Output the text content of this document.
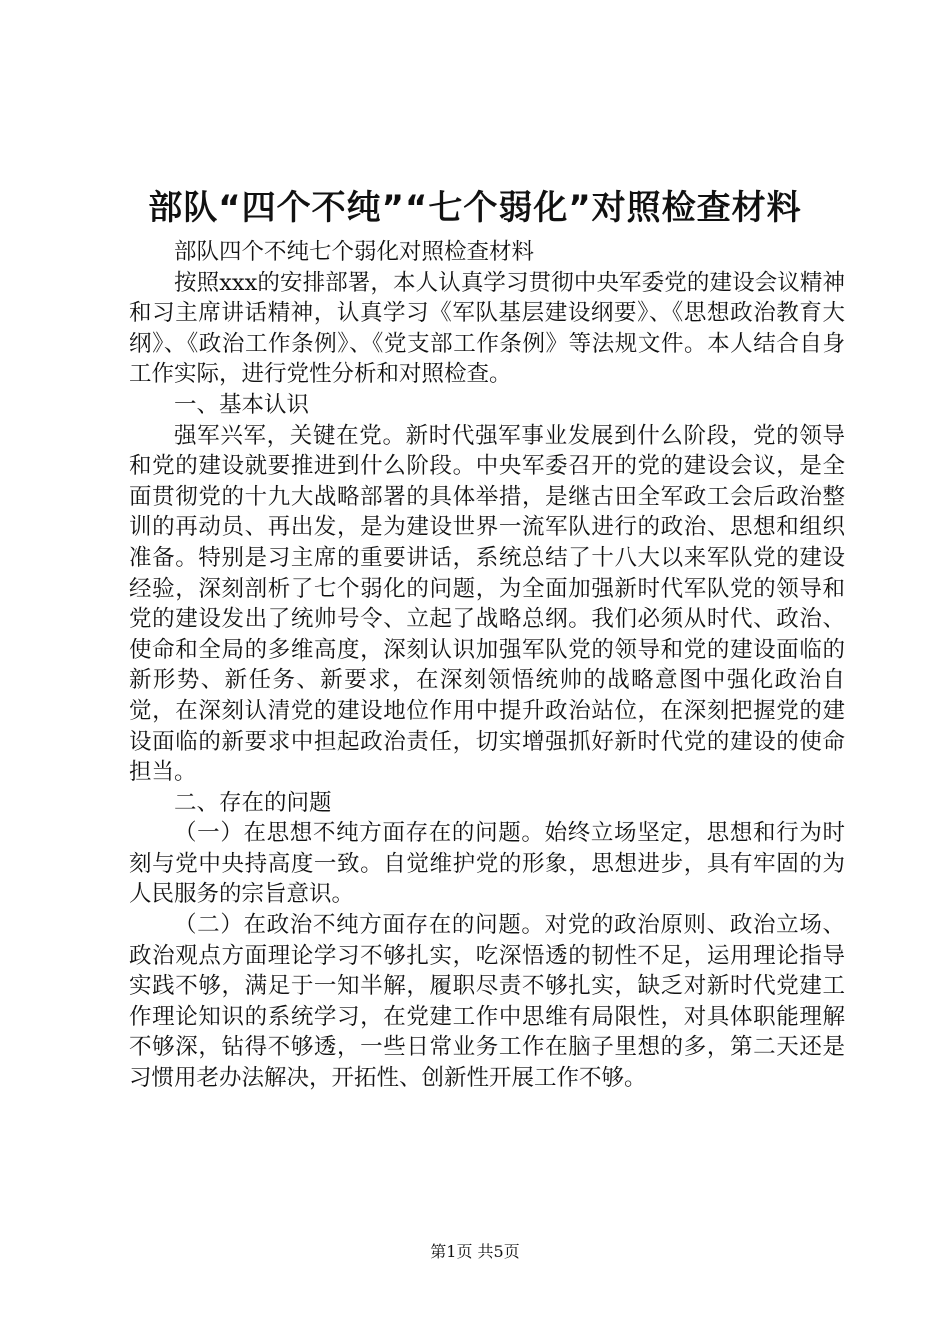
部队“四个不纯”“七个弱化”对照检查材料

部队四个不纯七个弱化对照检查材料

按照xxx的安排部署，本人认真学习贯彻中央军委党的建设会议精神和习主席讲话精神，认真学习《军队基层建设纲要》、《思想政治教育大纲》、《政治工作条例》、《党支部工作条例》等法规文件。本人结合自身工作实际，进行党性分析和对照检查。

一、基本认识

强军兴军，关键在党。新时代强军事业发展到什么阶段，党的领导和党的建设就要推进到什么阶段。中央军委召开的党的建设会议，是全面贯彻党的十九大战略部署的具体举措，是继古田全军政工会后政治整训的再动员、再出发，是为建设世界一流军队进行的政治、思想和组织准备。特别是习主席的重要讲话，系统总结了十八大以来军队党的建设经验，深刻剖析了七个弱化的问题，为全面加强新时代军队党的领导和党的建设发出了统帅号令、立起了战略总纲。我们必须从时代、政治、使命和全局的多维高度，深刻认识加强军队党的领导和党的建设面临的新形势、新任务、新要求，在深刻领悟统帅的战略意图中强化政治自觉，在深刻认清党的建设地位作用中提升政治站位，在深刻把握党的建设面临的新要求中担起政治责任，切实增强抓好新时代党的建设的使命担当。

二、存在的问题

（一）在思想不纯方面存在的问题。始终立场坚定，思想和行为时刻与党中央持高度一致。自觉维护党的形象，思想进步，具有牢固的为人民服务的宗旨意识。

（二）在政治不纯方面存在的问题。对党的政治原则、政治立场、政治观点方面理论学习不够扎实，吃深悟透的韧性不足，运用理论指导实践不够，满足于一知半解，履职尽责不够扎实，缺乏对新时代党建工作理论知识的系统学习，在党建工作中思维有局限性，对具体职能理解不够深，钻得不够透，一些日常业务工作在脑子里想的多，第二天还是习惯用老办法解决，开拓性、创新性开展工作不够。

第1页 共5页
